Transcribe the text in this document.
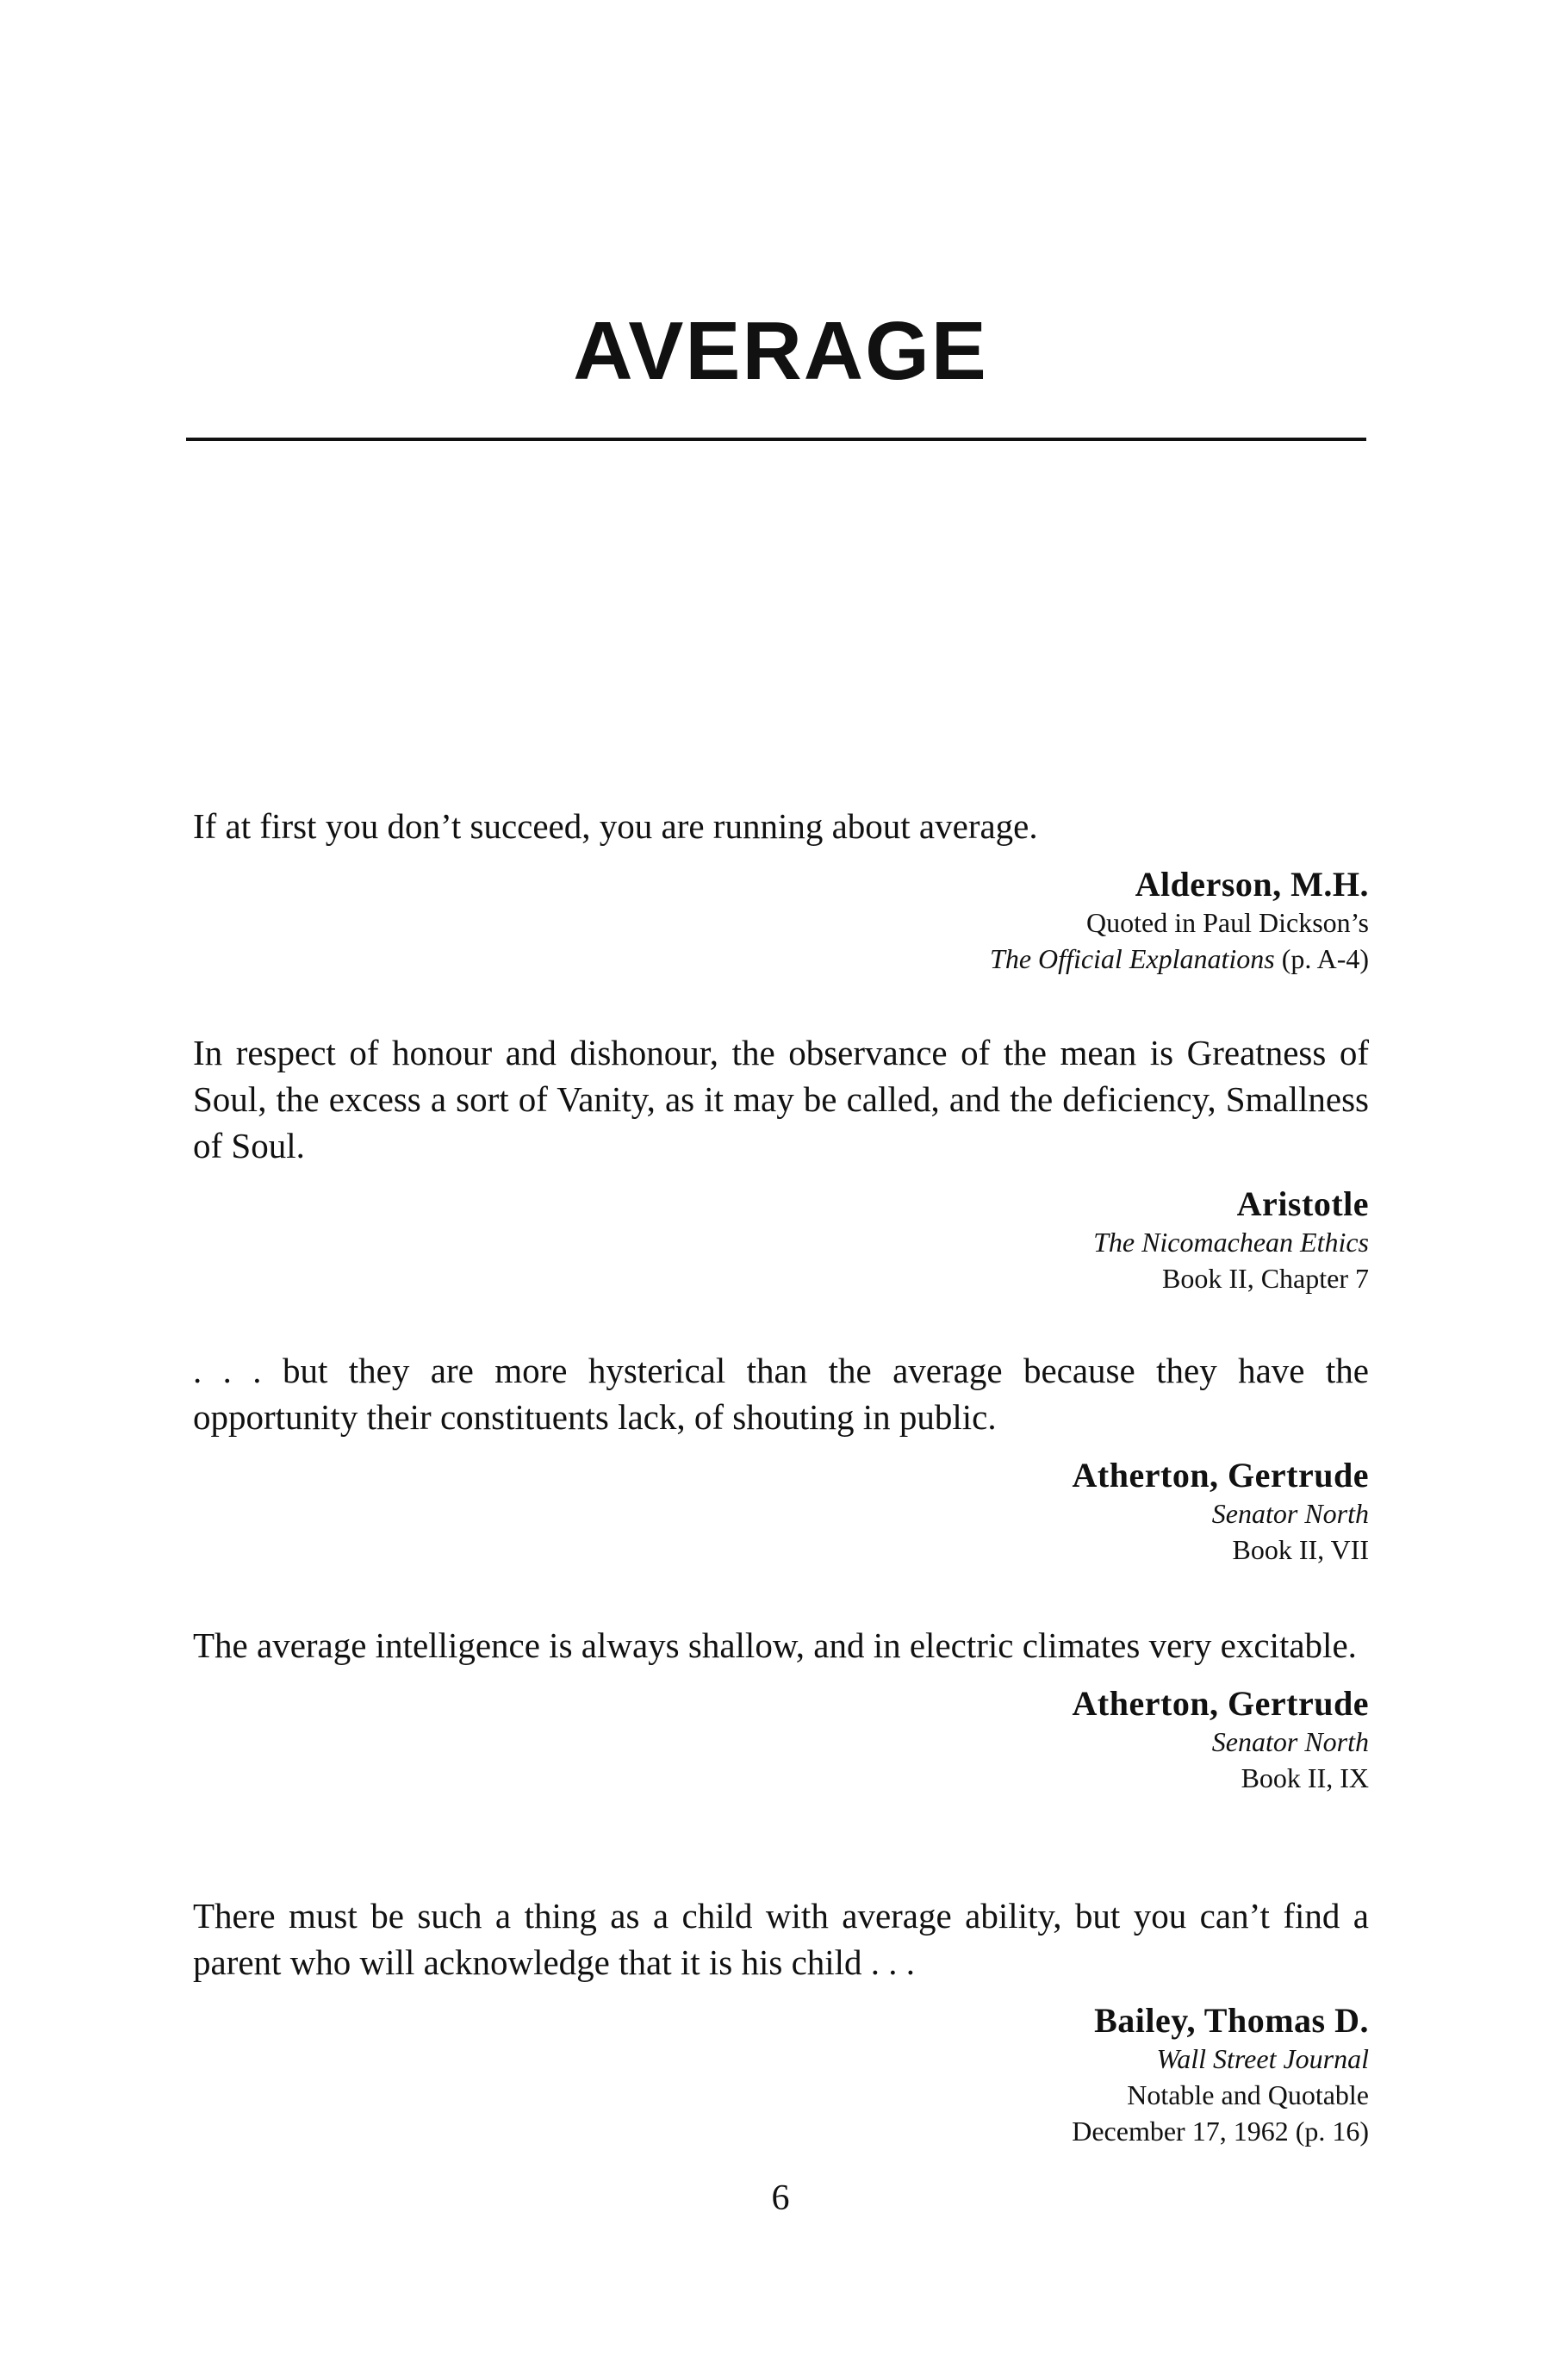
AVERAGE

If at first you don’t succeed, you are running about average.

Alderson, M.H.
Quoted in Paul Dickson’s
The Official Explanations (p. A-4)

In respect of honour and dishonour, the observance of the mean is Greatness of Soul, the excess a sort of Vanity, as it may be called, and the deficiency, Smallness of Soul.

Aristotle
The Nicomachean Ethics
Book II, Chapter 7

. . . but they are more hysterical than the average because they have the opportunity their constituents lack, of shouting in public.

Atherton, Gertrude
Senator North
Book II, VII

The average intelligence is always shallow, and in electric climates very excitable.

Atherton, Gertrude
Senator North
Book II, IX

There must be such a thing as a child with average ability, but you can’t find a parent who will acknowledge that it is his child . . .

Bailey, Thomas D.
Wall Street Journal
Notable and Quotable
December 17, 1962 (p. 16)
6
